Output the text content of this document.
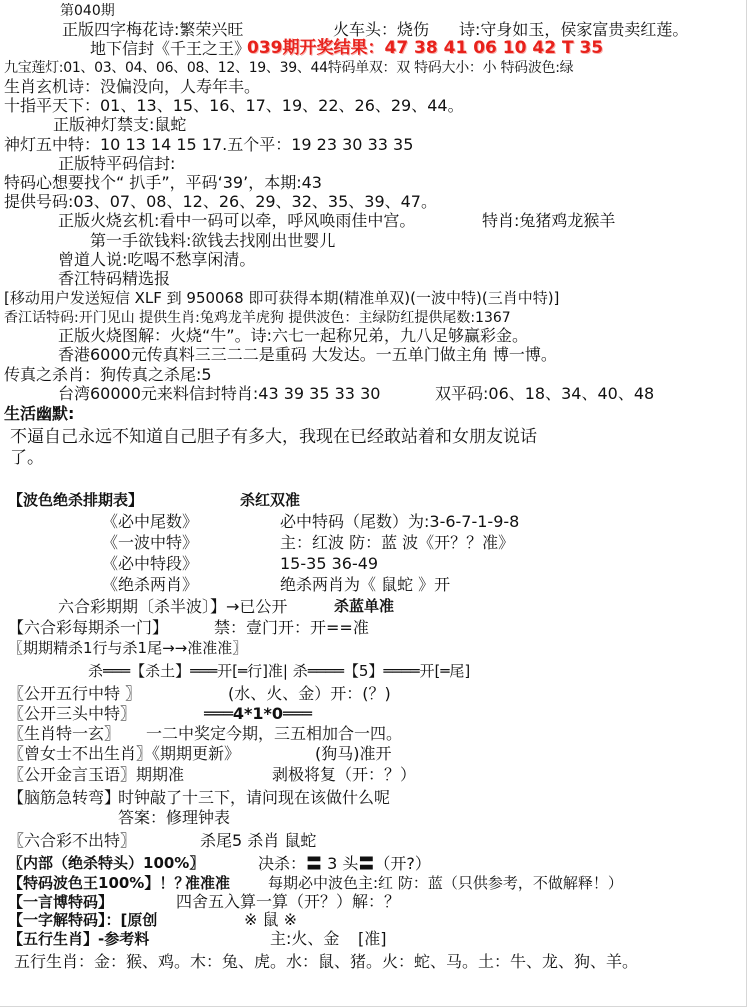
第040期
正版四字梅花诗:繁荣兴旺	火车头：烧伤 诗:守身如玉，侯家富贵卖红莲。
地下信封《千王之王》
039期开奖结果：47 38 41 06 10 42 T 35
九宝莲灯:01、03、04、06、08、12、19、39、44特码单双：双 特码大小：小 特码波色:绿
生肖玄机诗：没偏没向，人寿年丰。
十指平天下：01、13、15、16、17、19、22、26、29、44。
正版神灯禁支:鼠蛇
神灯五中特：10 13 14 15 17.五个平：19 23 30 33 35
正版特平码信封:
特码心想要找个“ 扒手”，平码‘39’，本期:43
提供号码:03、07、08、12、26、29、32、35、39、47。
正版火烧玄机:看中一码可以牵，呼风唤雨佳中宫。	特肖:兔猪鸡龙猴羊
第一手欲钱料:欲钱去找刚出世婴儿
曾道人说:吃喝不愁享闲清。
香江特码精选报
[移动用户发送短信 XLF 到 950068 即可获得本期(精准单双)(一波中特)(三肖中特)]
香江话特码:开门见山 提供生肖:兔鸡龙羊虎狗 提供波色：主绿防红提供尾数:1367
正版火烧图解：火烧“牛”。诗:六七一起称兄弟，九八足够赢彩金。
香港6000元传真料三三二二是重码 大发达。一五单门做主角 博一博。
传真之杀肖：狗传真之杀尾:5
台湾60000元来料信封特肖:43 39 35 33 30	双平码:06、18、34、40、48
生活幽默:
不逼自己永远不知道自己胆子有多大，我现在已经敢站着和女朋友说话
了。
【波色绝杀排期表】	杀红双准
《必中尾数》	必中特码（尾数）为:3-6-7-1-9-8
《一波中特》	主：红波 防：蓝 波《开？？准》
《必中特段》	15-35 36-49
《绝杀两肖》	绝杀两肖为《 鼠蛇 》开
六合彩期期〔杀半波〕】→已公开	杀蓝单准
【六合彩每期杀一门】	禁：壹门开：开==准
〖期期精杀1行与杀1尾→→准准准〗
杀═══【杀土】═══开[═行]准| 杀════【5】════开[═尾]
〖公开五行中特 〗	(水、火、金）开：(？)
〖公开三头中特〗	═══4*1*0═══
〖生肖特一玄〗 一二中奖定今期，三五相加合一四。
〖曾女士不出生肖〗《期期更新》	(狗马)准开
〖公开金言玉语〗期期准	剥极将复（开：？）
【脑筋急转弯】
时钟敲了十三下，请问现在该做什么呢
答案：修理钟表
〖六合彩不出特〗	杀尾5 杀肖 鼠蛇
〖内部（绝杀特头）100%〗	决杀：〓 3 头〓（开?）
【特码波色王100%】！？
准准准	每期必中波色主:红 防：蓝（只供参考，不做解释！）
【一言博特码】	四舍五入算一算（开？）解：？
【一字解特码】：[原创	※ 鼠 ※
【五行生肖】-参考料	主:火、金 [准]
五行生肖：金：猴、鸡。木：兔、虎。水：鼠、猪。火：蛇、马。土：牛、龙、狗、羊。
